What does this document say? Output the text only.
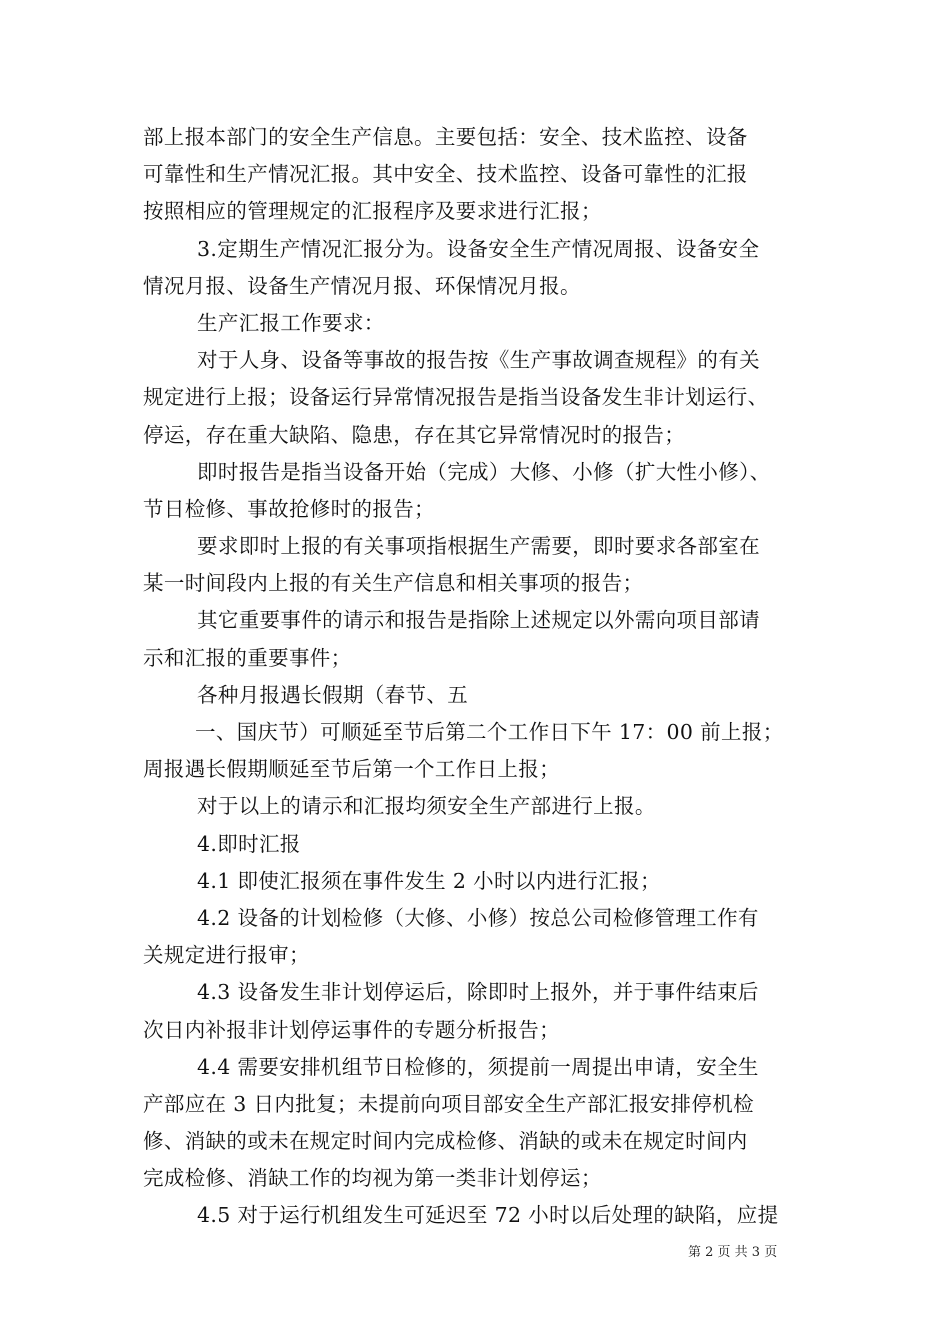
部上报本部门的安全生产信息。主要包括：安全、技术监控、设备
可靠性和生产情况汇报。其中安全、技术监控、设备可靠性的汇报
按照相应的管理规定的汇报程序及要求进行汇报；
3.定期生产情况汇报分为。设备安全生产情况周报、设备安全
情况月报、设备生产情况月报、环保情况月报。
生产汇报工作要求：
对于人身、设备等事故的报告按《生产事故调查规程》的有关
规定进行上报；设备运行异常情况报告是指当设备发生非计划运行、
停运，存在重大缺陷、隐患，存在其它异常情况时的报告；
即时报告是指当设备开始（完成）大修、小修（扩大性小修）、
节日检修、事故抢修时的报告；
要求即时上报的有关事项指根据生产需要，即时要求各部室在
某一时间段内上报的有关生产信息和相关事项的报告；
其它重要事件的请示和报告是指除上述规定以外需向项目部请
示和汇报的重要事件；
各种月报遇长假期（春节、五
一、国庆节）可顺延至节后第二个工作日下午 17：00 前上报；
周报遇长假期顺延至节后第一个工作日上报；
对于以上的请示和汇报均须安全生产部进行上报。
4.即时汇报
4.1 即使汇报须在事件发生 2 小时以内进行汇报；
4.2 设备的计划检修（大修、小修）按总公司检修管理工作有
关规定进行报审；
4.3 设备发生非计划停运后，除即时上报外，并于事件结束后
次日内补报非计划停运事件的专题分析报告；
4.4 需要安排机组节日检修的，须提前一周提出申请，安全生
产部应在 3 日内批复；未提前向项目部安全生产部汇报安排停机检
修、消缺的或未在规定时间内完成检修、消缺的或未在规定时间内
完成检修、消缺工作的均视为第一类非计划停运；
4.5 对于运行机组发生可延迟至 72 小时以后处理的缺陷，应提
第 2 页 共 3 页
